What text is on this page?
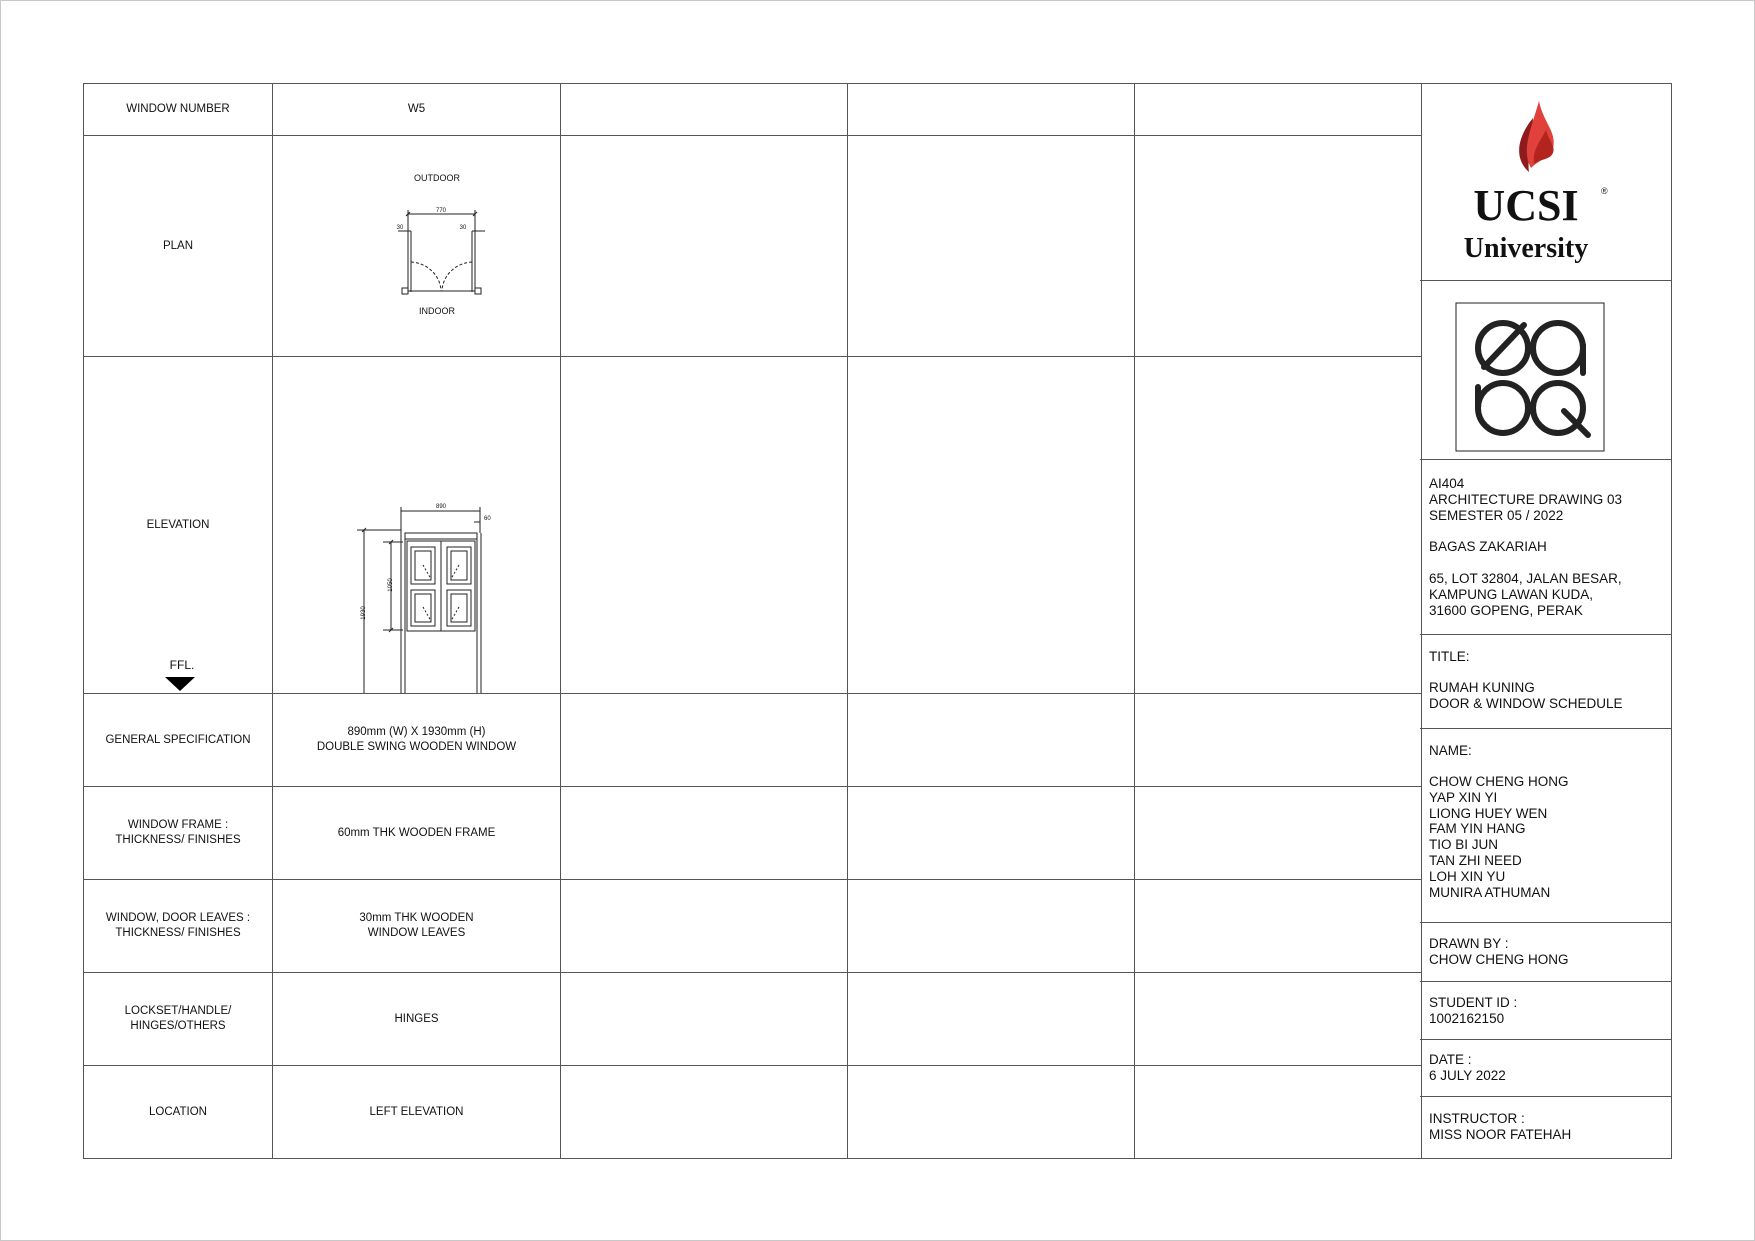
WINDOW NUMBER	W5			
PLAN	OUTDOOR
INDOOR
770
30 30			

ELEVATION
FFL.	890
60
1930
1050			

GENERAL SPECIFICATION	890mm (W) X 1930mm (H)
DOUBLE SWING WOODEN WINDOW			
WINDOW FRAME :
THICKNESS/ FINISHES	60mm THK WOODEN FRAME			
WINDOW, DOOR LEAVES :
THICKNESS/ FINISHES	30mm THK WOODEN
WINDOW LEAVES			
LOCKSET/HANDLE/
HINGES/OTHERS	HINGES			
LOCATION	LEFT ELEVATION			
UCSI ®
University
AI404
ARCHITECTURE DRAWING 03
SEMESTER 05 / 2022
BAGAS ZAKARIAH
65, LOT 32804, JALAN BESAR,
KAMPUNG LAWAN KUDA,
31600 GOPENG, PERAK
TITLE:
RUMAH KUNING
DOOR & WINDOW SCHEDULE
NAME:
CHOW CHENG HONG
YAP XIN YI
LIONG HUEY WEN
FAM YIN HANG
TIO BI JUN
TAN ZHI NEED
LOH XIN YU
MUNIRA ATHUMAN
DRAWN BY :
CHOW CHENG HONG
STUDENT ID :
1002162150
DATE :
6 JULY 2022
INSTRUCTOR :
MISS NOOR FATEHAH
